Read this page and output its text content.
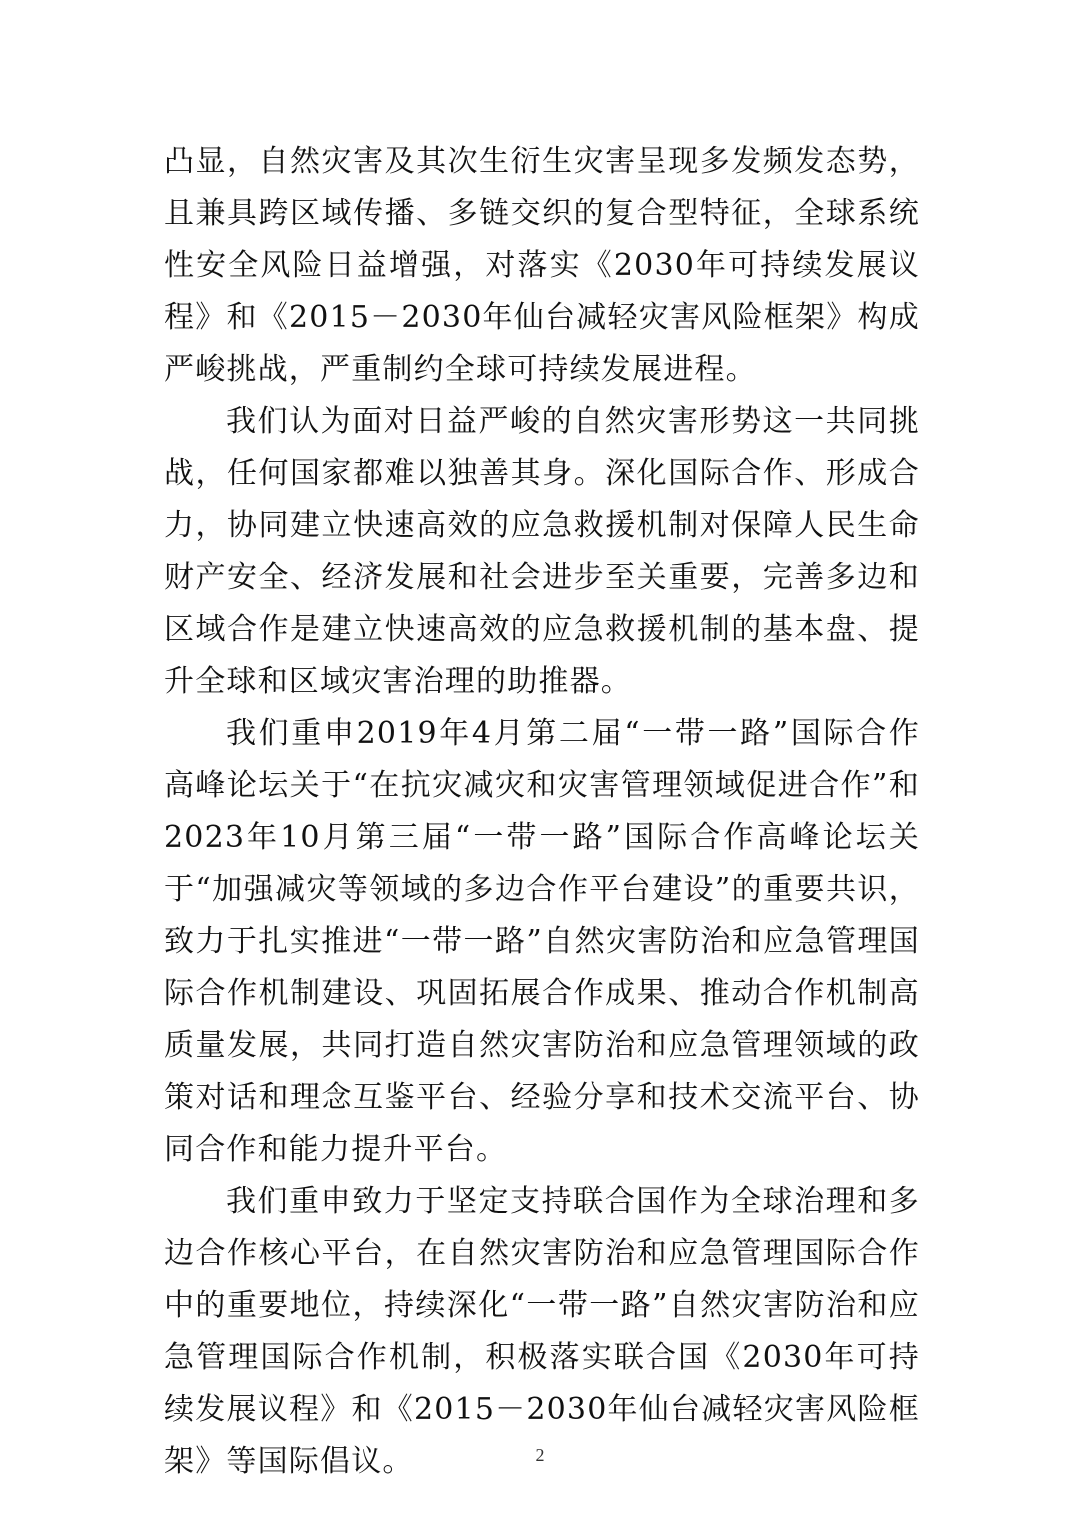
凸显，自然灾害及其次生衍生灾害呈现多发频发态势，且兼具跨区域传播、多链交织的复合型特征，全球系统性安全风险日益增强，对落实《2030年可持续发展议程》和《2015－2030年仙台减轻灾害风险框架》构成严峻挑战，严重制约全球可持续发展进程。

我们认为面对日益严峻的自然灾害形势这一共同挑战，任何国家都难以独善其身。深化国际合作、形成合力，协同建立快速高效的应急救援机制对保障人民生命财产安全、经济发展和社会进步至关重要，完善多边和区域合作是建立快速高效的应急救援机制的基本盘、提升全球和区域灾害治理的助推器。

我们重申2019年4月第二届“一带一路”国际合作高峰论坛关于“在抗灾减灾和灾害管理领域促进合作”和2023年10月第三届“一带一路”国际合作高峰论坛关于“加强减灾等领域的多边合作平台建设”的重要共识，致力于扎实推进“一带一路”自然灾害防治和应急管理国际合作机制建设、巩固拓展合作成果、推动合作机制高质量发展，共同打造自然灾害防治和应急管理领域的政策对话和理念互鉴平台、经验分享和技术交流平台、协同合作和能力提升平台。

我们重申致力于坚定支持联合国作为全球治理和多边合作核心平台，在自然灾害防治和应急管理国际合作中的重要地位，持续深化“一带一路”自然灾害防治和应急管理国际合作机制，积极落实联合国《2030年可持续发展议程》和《2015－2030年仙台减轻灾害风险框架》等国际倡议。	2
